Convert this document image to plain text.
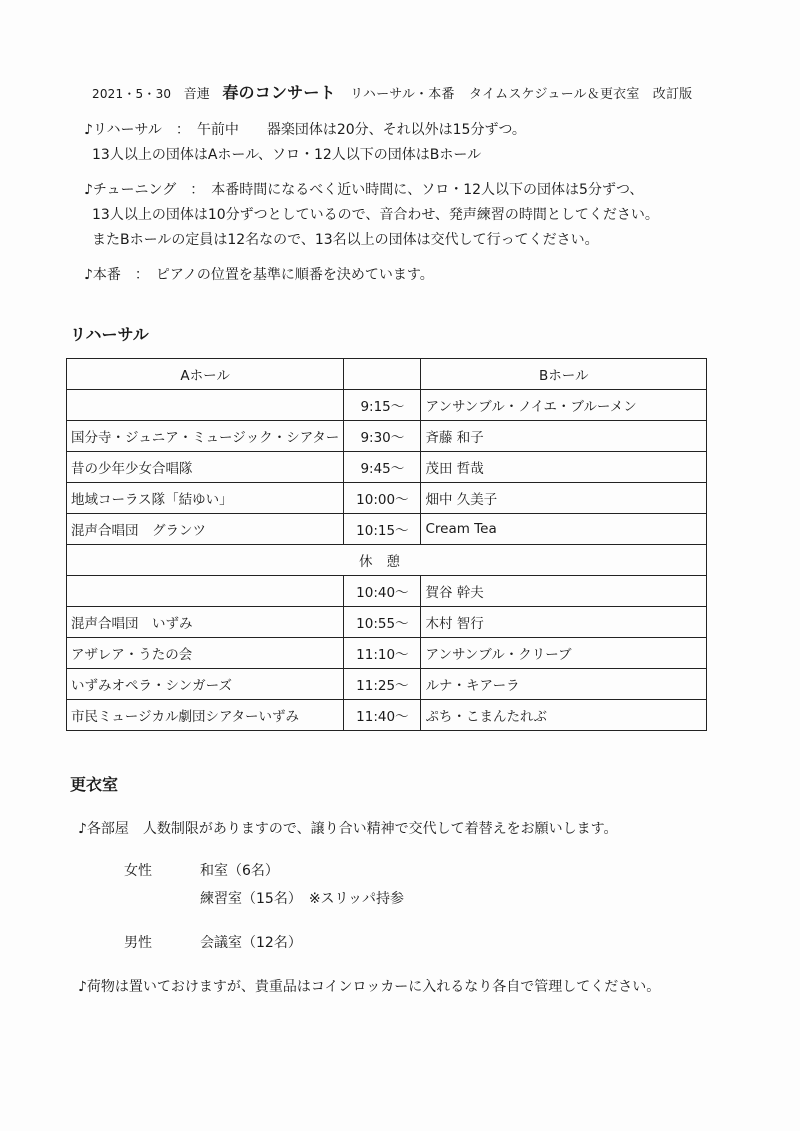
2021・5・30 音連 春のコンサート リハーサル・本番 タイムスケジュール＆更衣室　改訂版
♪リハーサル　：　午前中　　器楽団体は20分、それ以外は15分ずつ。
13人以上の団体はAホール、ソロ・12人以下の団体はBホール
♪チューニング　：　本番時間になるべく近い時間に、ソロ・12人以下の団体は5分ずつ、
13人以上の団体は10分ずつとしているので、音合わせ、発声練習の時間としてください。
またBホールの定員は12名なので、13名以上の団体は交代して行ってください。
♪本番　：　ピアノの位置を基準に順番を決めています。
リハーサル
Aホール		Bホール
	9:15〜	アンサンブル・ノイエ・ブルーメン
国分寺・ジュニア・ミュージック・シアター	9:30〜	斉藤 和子
昔の少年少女合唱隊	9:45〜	茂田 哲哉
地域コーラス隊「結ゆい」	10:00〜	畑中 久美子
混声合唱団　グランツ	10:15〜	Cream Tea
休憩		
	10:40〜	賀谷 幹夫
混声合唱団　いずみ	10:55〜	木村 智行
アザレア・うたの会	11:10〜	アンサンブル・クリーブ
いずみオペラ・シンガーズ	11:25〜	ルナ・キアーラ
市民ミュージカル劇団シアターいずみ	11:40〜	ぷち・こまんたれぶ
更衣室
♪各部屋　人数制限がありますので、譲り合い精神で交代して着替えをお願いします。
女性	和室（6名）
練習室（15名）　※スリッパ持参
男性	会議室（12名）
♪荷物は置いておけますが、貴重品はコインロッカーに入れるなり各自で管理してください。
